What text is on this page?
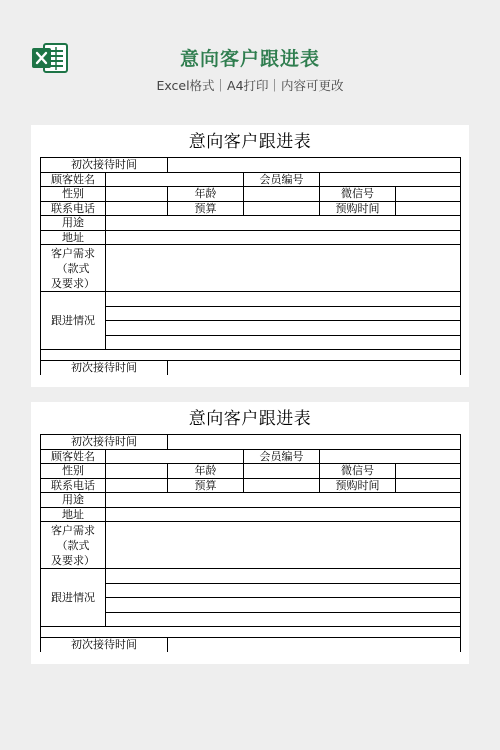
意向客户跟进表
Excel格式｜A4打印｜内容可更改
意向客户跟进表
初次接待时间					
顾客姓名			会员编号		
性别		年龄		微信号	
联系电话		预算		预购时间	
用途					
地址					
客户需求
（款式
及要求）					
跟进情况					

初次接待时间					
意向客户跟进表
初次接待时间					
顾客姓名			会员编号		
性别		年龄		微信号	
联系电话		预算		预购时间	
用途					
地址					
客户需求
（款式
及要求）					
跟进情况					

初次接待时间					
